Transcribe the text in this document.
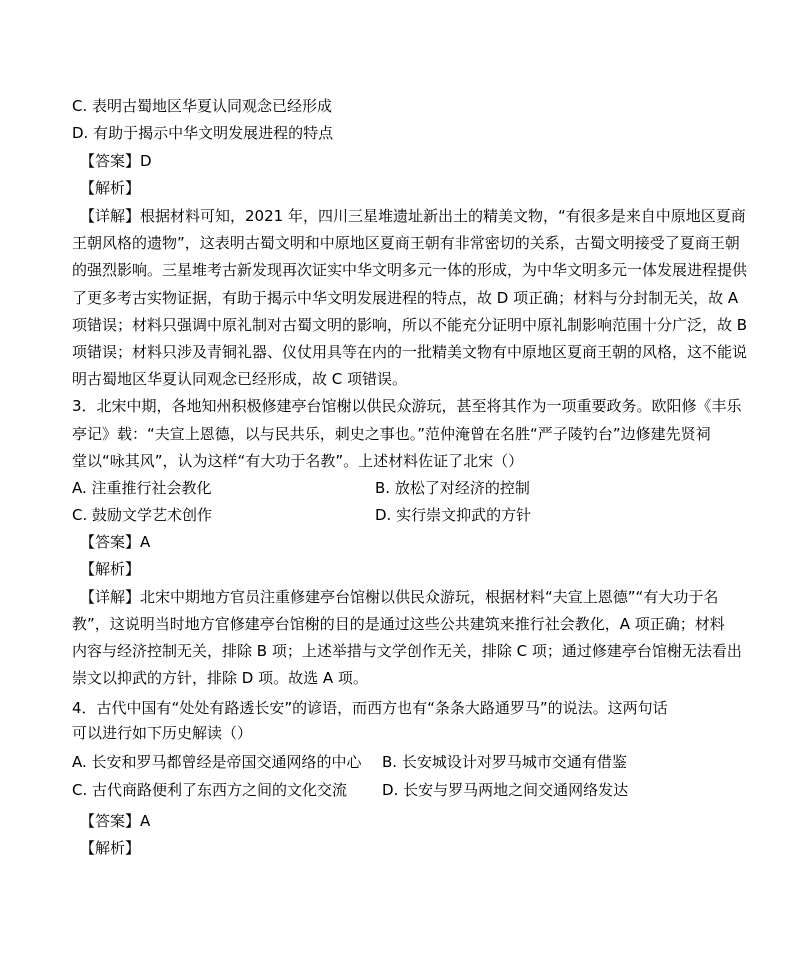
C. 表明古蜀地区华夏认同观念已经形成
D. 有助于揭示中华文明发展进程的特点
【答案】D
【解析】
【详解】根据材料可知，2021 年，四川三星堆遗址新出土的精美文物，“有很多是来自中原地区夏商
王朝风格的遗物”，这表明古蜀文明和中原地区夏商王朝有非常密切的关系，古蜀文明接受了夏商王朝
的强烈影响。三星堆考古新发现再次证实中华文明多元一体的形成，为中华文明多元一体发展进程提供
了更多考古实物证据，有助于揭示中华文明发展进程的特点，故 D 项正确；材料与分封制无关，故 A
项错误；材料只强调中原礼制对古蜀文明的影响，所以不能充分证明中原礼制影响范围十分广泛，故 B
项错误；材料只涉及青铜礼器、仪仗用具等在内的一批精美文物有中原地区夏商王朝的风格，这不能说
明古蜀地区华夏认同观念已经形成，故 C 项错误。
3．北宋中期，各地知州积极修建亭台馆榭以供民众游玩，甚至将其作为一项重要政务。欧阳修《丰乐
亭记》载：“夫宣上恩德，以与民共乐，刺史之事也。”范仲淹曾在名胜“严子陵钓台”边修建先贤祠
堂以“咏其风”，认为这样“有大功于名教”。上述材料佐证了北宋（）
A. 注重推行社会教化	B. 放松了对经济的控制
C. 鼓励文学艺术创作	D. 实行崇文抑武的方针
【答案】A
【解析】
【详解】北宋中期地方官员注重修建亭台馆榭以供民众游玩，根据材料“夫宣上恩德”“有大功于名
教”，这说明当时地方官修建亭台馆榭的目的是通过这些公共建筑来推行社会教化，A 项正确；材料
内容与经济控制无关，排除 B 项；上述举措与文学创作无关，排除 C 项；通过修建亭台馆榭无法看出
崇文以抑武的方针，排除 D 项。故选 A 项。
4．古代中国有“处处有路透长安”的谚语，而西方也有“条条大路通罗马”的说法。这两句话
可以进行如下历史解读（）
A. 长安和罗马都曾经是帝国交通网络的中心 B. 长安城设计对罗马城市交通有借鉴
C. 古代商路便利了东西方之间的文化交流 D. 长安与罗马两地之间交通网络发达
【答案】A
【解析】
